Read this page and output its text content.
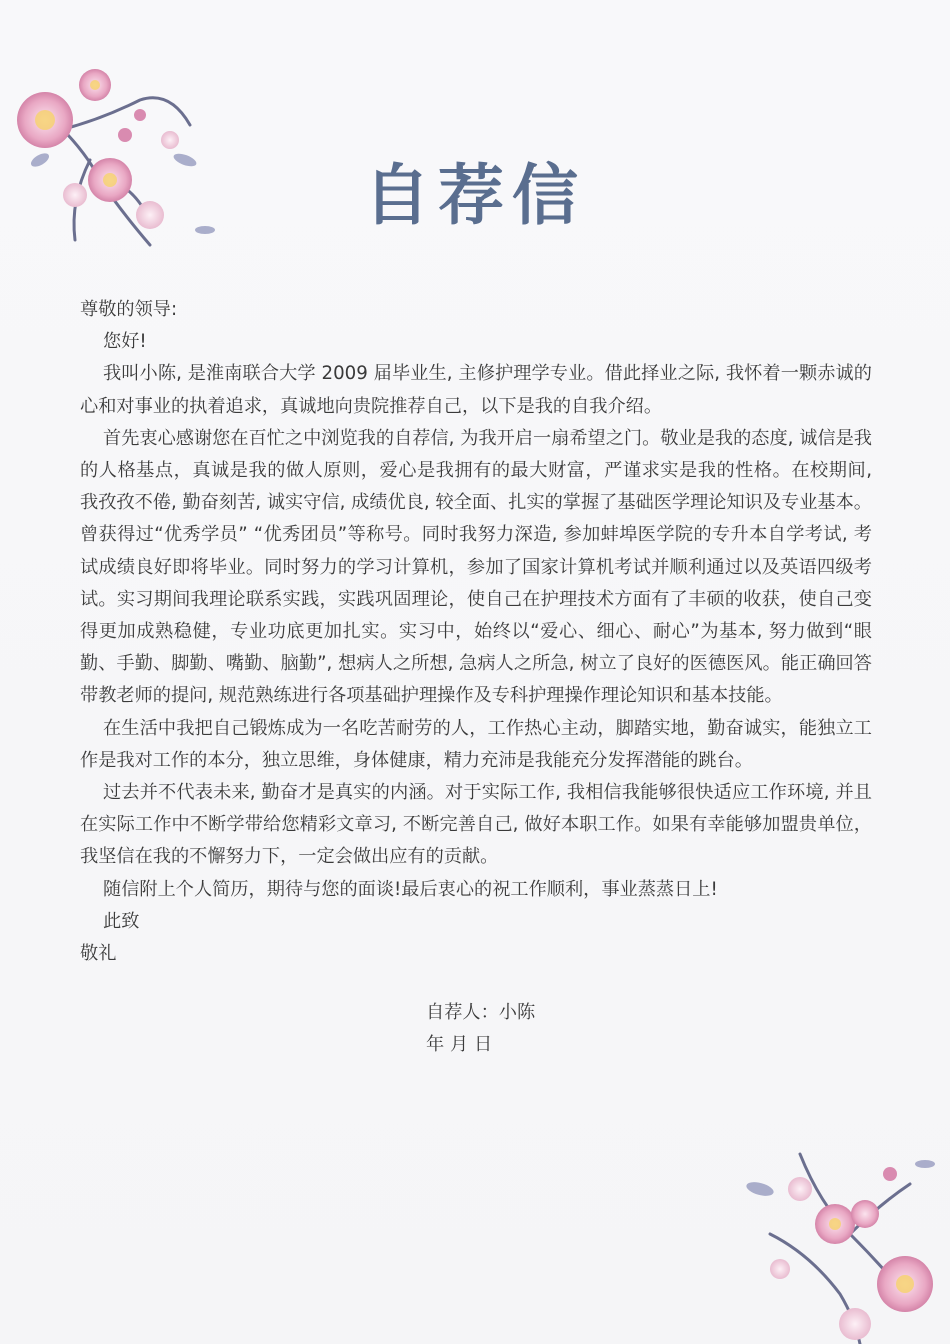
自荐信

尊敬的领导:

您好!

我叫小陈, 是淮南联合大学 2009 届毕业生, 主修护理学专业。借此择业之际, 我怀着一颗赤诚的心和对事业的执着追求，真诚地向贵院推荐自己，以下是我的自我介绍。

首先衷心感谢您在百忙之中浏览我的自荐信, 为我开启一扇希望之门。敬业是我的态度, 诚信是我的人格基点，真诚是我的做人原则，爱心是我拥有的最大财富，严谨求实是我的性格。在校期间, 我孜孜不倦, 勤奋刻苦, 诚实守信, 成绩优良, 较全面、扎实的掌握了基础医学理论知识及专业基本。曾获得过“优秀学员” “优秀团员”等称号。同时我努力深造, 参加蚌埠医学院的专升本自学考试, 考试成绩良好即将毕业。同时努力的学习计算机，参加了国家计算机考试并顺利通过以及英语四级考试。实习期间我理论联系实践，实践巩固理论，使自己在护理技术方面有了丰硕的收获，使自己变得更加成熟稳健，专业功底更加扎实。实习中，始终以“爱心、细心、耐心”为基本, 努力做到“眼勤、手勤、脚勤、嘴勤、脑勤”, 想病人之所想, 急病人之所急, 树立了良好的医德医风。能正确回答带教老师的提问, 规范熟练进行各项基础护理操作及专科护理操作理论知识和基本技能。

在生活中我把自己锻炼成为一名吃苦耐劳的人，工作热心主动，脚踏实地，勤奋诚实，能独立工作是我对工作的本分，独立思维，身体健康，精力充沛是我能充分发挥潜能的跳台。

过去并不代表未来, 勤奋才是真实的内涵。对于实际工作, 我相信我能够很快适应工作环境, 并且在实际工作中不断学带给您精彩文章习, 不断完善自己, 做好本职工作。如果有幸能够加盟贵单位，我坚信在我的不懈努力下，一定会做出应有的贡献。

随信附上个人简历，期待与您的面谈!最后衷心的祝工作顺利，事业蒸蒸日上!

此致

敬礼

自荐人：小陈

年 月 日
